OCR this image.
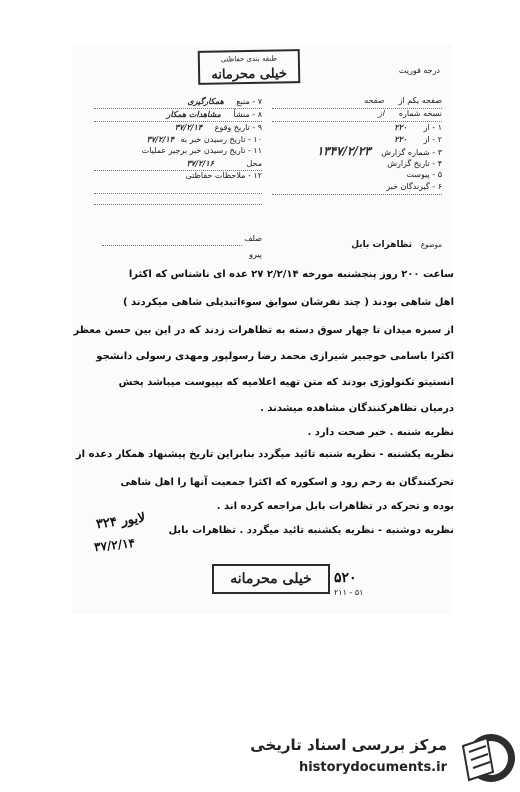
طبقه بندی حفاظتی
خیلی محرمانه	درجه فوریت
صفحه یکم از صفحه
نسخه شماره از
۱ - از ۲۲۰
۲ - از ۲۲۰
۳ - شماره گزارش ۱۳۴۷/۲/۲۳
۴ - تاریخ گزارش
۵ - پیوست
۶ - گیرندگان خبر
۷ - منبع همکارگیری
۸ - منشأ مشاهدات همکار
۹ - تاریخ وقوع ۳۷/۲/۱۴
۱۰ - تاریخ رسیدن خبر به ۳۷/۲/۱۴
۱۱ - تاریخ رسیدن خبر برجیر عملیات
محل ۳۷/۲/۱۶
۱۲ - ملاحظات حفاظتی
صلف
پیرو
موضوع تظاهرات بابل
خیلی محرمانه	۵۲۰
۲۱۱ - ۵۱
ساعت ۲۰۰ روز پنجشنبه مورخه ۲/۲/۱۴ ۲۷ عده ای ناشناس که اکثرا
اهل شاهی بودند ( چند نفرشان سوابق سوءاتبدیلی شاهی میکردند )
از سبزه میدان تا چهار سوق دسته به تظاهرات زدند که در این بین حسن معظر
اکثرا باسامی خوجبیر شیرازی محمد رضا رسولپور ومهدی رسولی دانشجو
انستیتو تکنولوژی بودند که متن تهیه اعلامیه که بپیوست میباشد پخش
درمیان تظاهرکنندگان مشاهده میشدند .
نظریه شنبه . خبر صحت دارد .
نظریه یکشنبه - نظریه شنبه تائید میگردد بنابراین تاریخ پیشنهاد همکار دعده از
تحرکنندگان به رحم رود و اسکوره که اکثرا جمعیت آنها را اهل شاهی
بوده و تحرکه در تظاهرات بابل مراجعه کرده اند .
نظریه دوشنبه - نظریه یکشنبه تائید میگردد . تظاهرات بابل
۳۲۴ لایور
۳۷/۲/۱۴
مرکز بررسی اسناد تاریخی
historydocuments.ir
